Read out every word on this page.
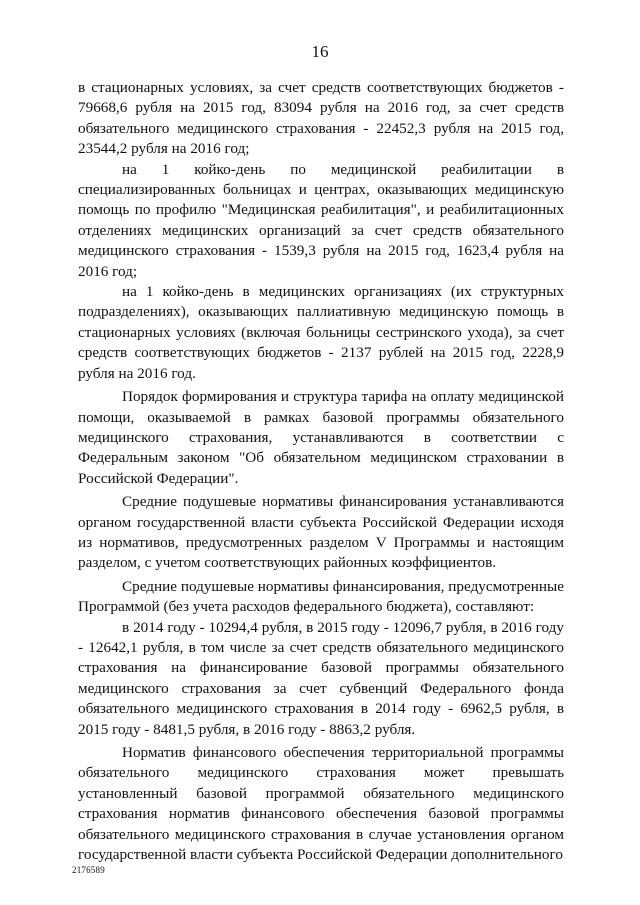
16

в стационарных условиях, за счет средств соответствующих бюджетов - 79668,6 рубля на 2015 год, 83094 рубля на 2016 год, за счет средств обязательного медицинского страхования - 22452,3 рубля на 2015 год, 23544,2 рубля на 2016 год;

на 1 койко-день по медицинской реабилитации в специализированных больницах и центрах, оказывающих медицинскую помощь по профилю "Медицинская реабилитация", и реабилитационных отделениях медицинских организаций за счет средств обязательного медицинского страхования - 1539,3 рубля на 2015 год, 1623,4 рубля на 2016 год;

на 1 койко-день в медицинских организациях (их структурных подразделениях), оказывающих паллиативную медицинскую помощь в стационарных условиях (включая больницы сестринского ухода), за счет средств соответствующих бюджетов - 2137 рублей на 2015 год, 2228,9 рубля на 2016 год.

Порядок формирования и структура тарифа на оплату медицинской помощи, оказываемой в рамках базовой программы обязательного медицинского страхования, устанавливаются в соответствии с Федеральным законом "Об обязательном медицинском страховании в Российской Федерации".

Средние подушевые нормативы финансирования устанавливаются органом государственной власти субъекта Российской Федерации исходя из нормативов, предусмотренных разделом V Программы и настоящим разделом, с учетом соответствующих районных коэффициентов.

Средние подушевые нормативы финансирования, предусмотренные Программой (без учета расходов федерального бюджета), составляют:

в 2014 году - 10294,4 рубля, в 2015 году - 12096,7 рубля, в 2016 году - 12642,1 рубля, в том числе за счет средств обязательного медицинского страхования на финансирование базовой программы обязательного медицинского страхования за счет субвенций Федерального фонда обязательного медицинского страхования в 2014 году - 6962,5 рубля, в 2015 году - 8481,5 рубля, в 2016 году - 8863,2 рубля.

Норматив финансового обеспечения территориальной программы обязательного медицинского страхования может превышать установленный базовой программой обязательного медицинского страхования норматив финансового обеспечения базовой программы обязательного медицинского страхования в случае установления органом государственной власти субъекта Российской Федерации дополнительного

2176589
